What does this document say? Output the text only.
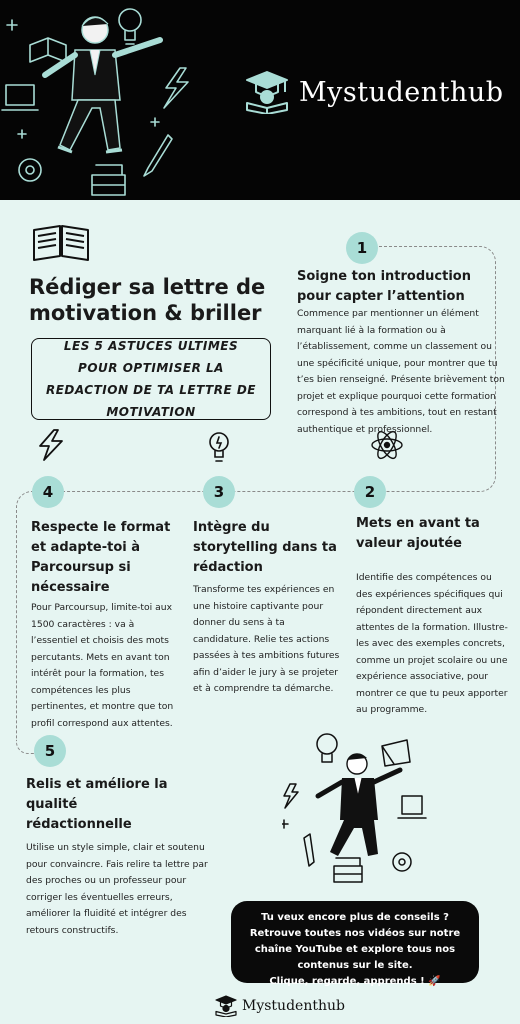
Mystudenthub
Rédiger sa lettre de motivation & briller
LES 5 ASTUCES ULTIMES POUR OPTIMISER LA REDACTION DE TA LETTRE DE MOTIVATION
1
Soigne ton introduction pour capter l’attention
Commence par mentionner un élément marquant lié à la formation ou à l’établissement, comme un classement ou une spécificité unique, pour montrer que tu t’es bien renseigné. Présente brièvement ton projet et explique pourquoi cette formation correspond à tes ambitions, tout en restant authentique et professionnel.
2
Mets en avant ta valeur ajoutée
Identifie des compétences ou des expériences spécifiques qui répondent directement aux attentes de la formation. Illustre-les avec des exemples concrets, comme un projet scolaire ou une expérience associative, pour montrer ce que tu peux apporter au programme.
3
Intègre du storytelling dans ta rédaction
Transforme tes expériences en une histoire captivante pour donner du sens à ta candidature. Relie tes actions passées à tes ambitions futures afin d’aider le jury à se projeter et à comprendre ta démarche.
4
Respecte le format et adapte-toi à Parcoursup si nécessaire
Pour Parcoursup, limite-toi aux 1500 caractères : va à l’essentiel et choisis des mots percutants. Mets en avant ton intérêt pour la formation, tes compétences les plus pertinentes, et montre que ton profil correspond aux attentes.
5
Relis et améliore la qualité rédactionnelle
Utilise un style simple, clair et soutenu pour convaincre. Fais relire ta lettre par des proches ou un professeur pour corriger les éventuelles erreurs, améliorer la fluidité et intégrer des retours constructifs.
Tu veux encore plus de conseils ?
Retrouve toutes nos vidéos sur notre
chaîne YouTube et explore tous nos
contenus sur le site.
Clique, regarde, apprends ! 🚀
Mystudenthub
